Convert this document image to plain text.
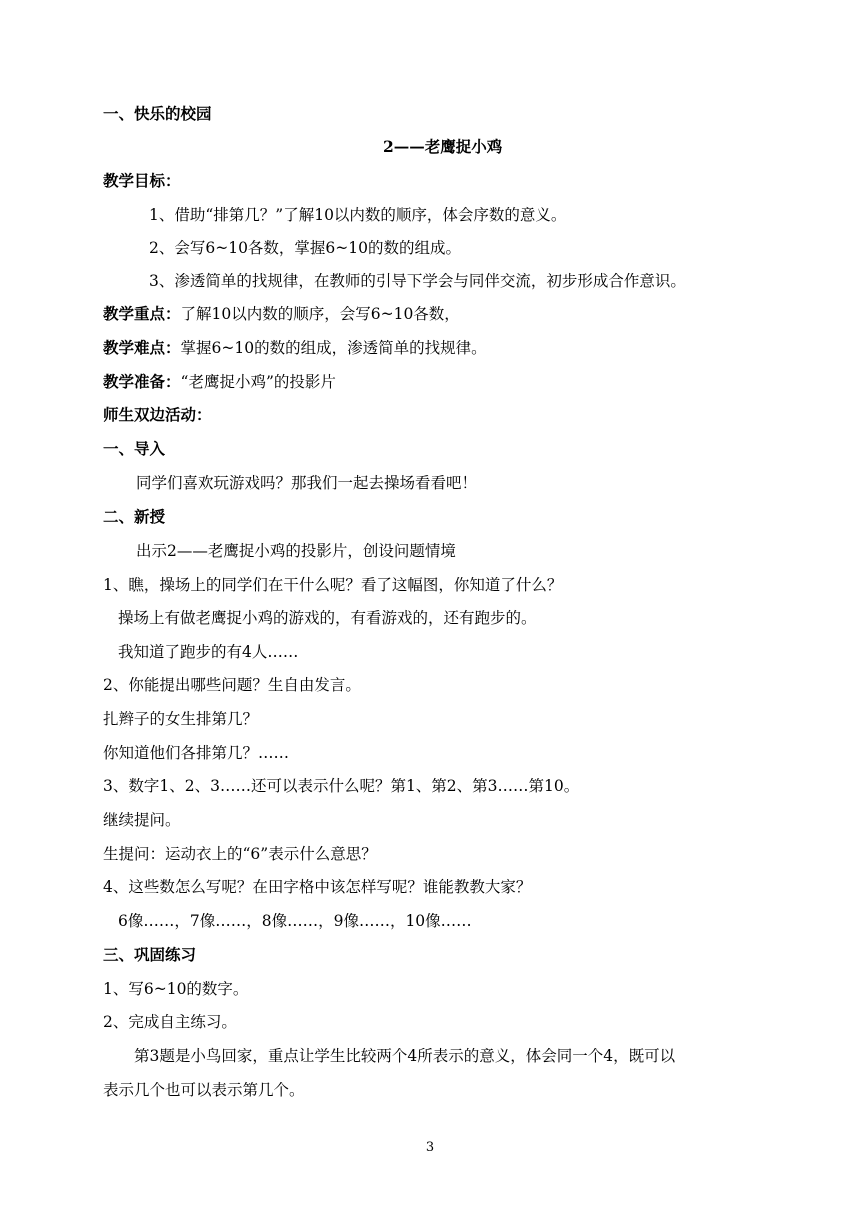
一、快乐的校园
2——老鹰捉小鸡
教学目标：
1、借助“排第几？”了解10以内数的顺序，体会序数的意义。
2、会写6~10各数，掌握6~10的数的组成。
3、渗透简单的找规律，在教师的引导下学会与同伴交流，初步形成合作意识。
教学重点：了解10以内数的顺序，会写6~10各数，
教学难点：掌握6~10的数的组成，渗透简单的找规律。
教学准备：“老鹰捉小鸡”的投影片
师生双边活动：
一、导入
同学们喜欢玩游戏吗？那我们一起去操场看看吧！
二、新授
出示2——老鹰捉小鸡的投影片，创设问题情境
1、瞧，操场上的同学们在干什么呢？看了这幅图，你知道了什么？
操场上有做老鹰捉小鸡的游戏的，有看游戏的，还有跑步的。
我知道了跑步的有4人……
2、你能提出哪些问题？生自由发言。
扎辫子的女生排第几？
你知道他们各排第几？……
3、数字1、2、3……还可以表示什么呢？第1、第2、第3……第10。
继续提问。
生提问：运动衣上的“6”表示什么意思？
4、这些数怎么写呢？在田字格中该怎样写呢？谁能教教大家？
6像……，7像……，8像……，9像……，10像……
三、巩固练习
1、写6~10的数字。
2、完成自主练习。
第3题是小鸟回家，重点让学生比较两个4所表示的意义，体会同一个4，既可以
表示几个也可以表示第几个。
3
